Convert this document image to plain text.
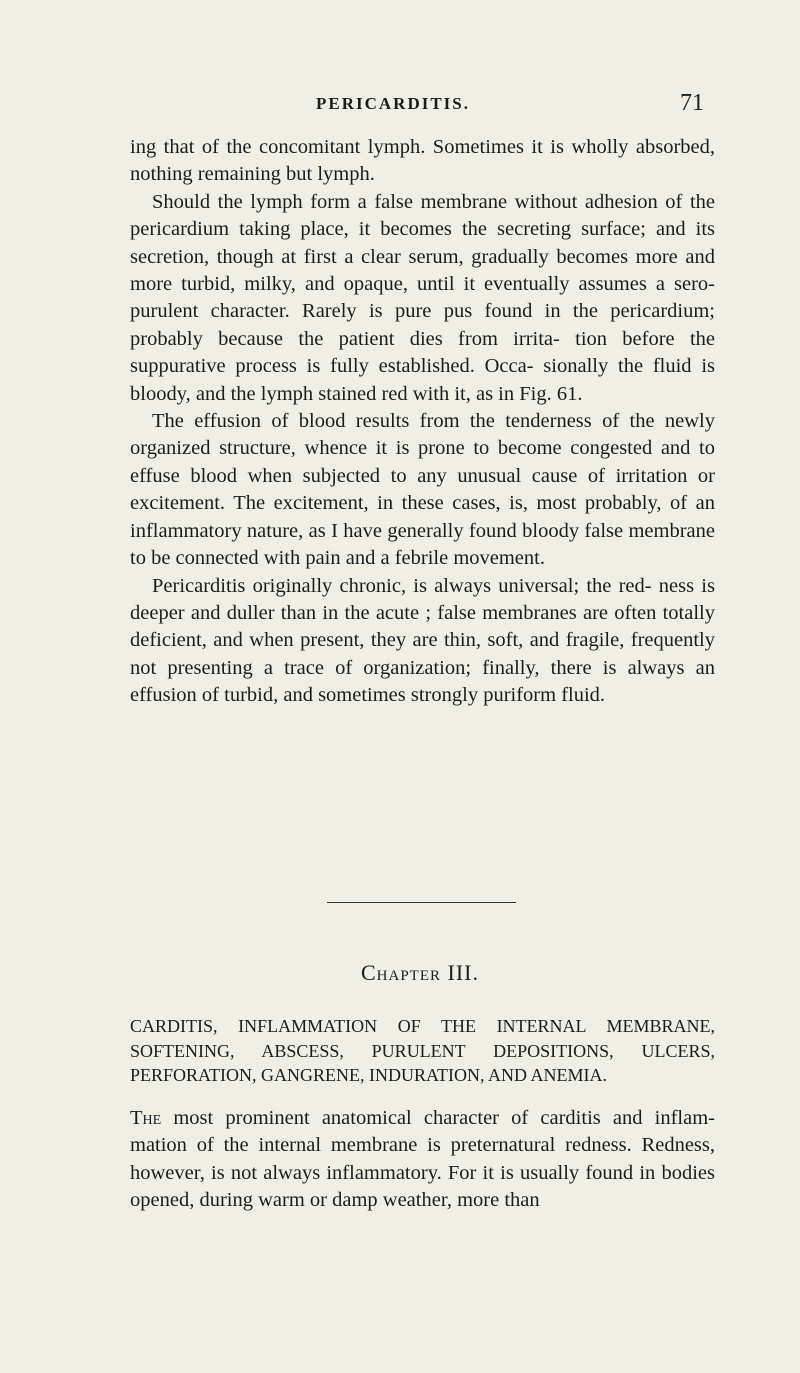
PERICARDITIS.	71

ing that of the concomitant lymph. Sometimes it is wholly absorbed, nothing remaining but lymph.

Should the lymph form a false membrane without adhesion of the pericardium taking place, it becomes the secreting surface; and its secretion, though at first a clear serum, gradually becomes more and more turbid, milky, and opaque, until it eventually assumes a sero-purulent character. Rarely is pure pus found in the pericardium; probably because the patient dies from irrita- tion before the suppurative process is fully established. Occa- sionally the fluid is bloody, and the lymph stained red with it, as in Fig. 61.

The effusion of blood results from the tenderness of the newly organized structure, whence it is prone to become congested and to effuse blood when subjected to any unusual cause of irritation or excitement. The excitement, in these cases, is, most probably, of an inflammatory nature, as I have generally found bloody false membrane to be connected with pain and a febrile movement.

Pericarditis originally chronic, is always universal; the red- ness is deeper and duller than in the acute ; false membranes are often totally deficient, and when present, they are thin, soft, and fragile, frequently not presenting a trace of organization; finally, there is always an effusion of turbid, and sometimes strongly puriform fluid.

Chapter III.

CARDITIS, INFLAMMATION OF THE INTERNAL MEMBRANE, SOFTENING, ABSCESS, PURULENT DEPOSITIONS, ULCERS, PERFORATION, GANGRENE, INDURATION, AND ANEMIA.

The most prominent anatomical character of carditis and inflam- mation of the internal membrane is preternatural redness. Redness, however, is not always inflammatory. For it is usually found in bodies opened, during warm or damp weather, more than
